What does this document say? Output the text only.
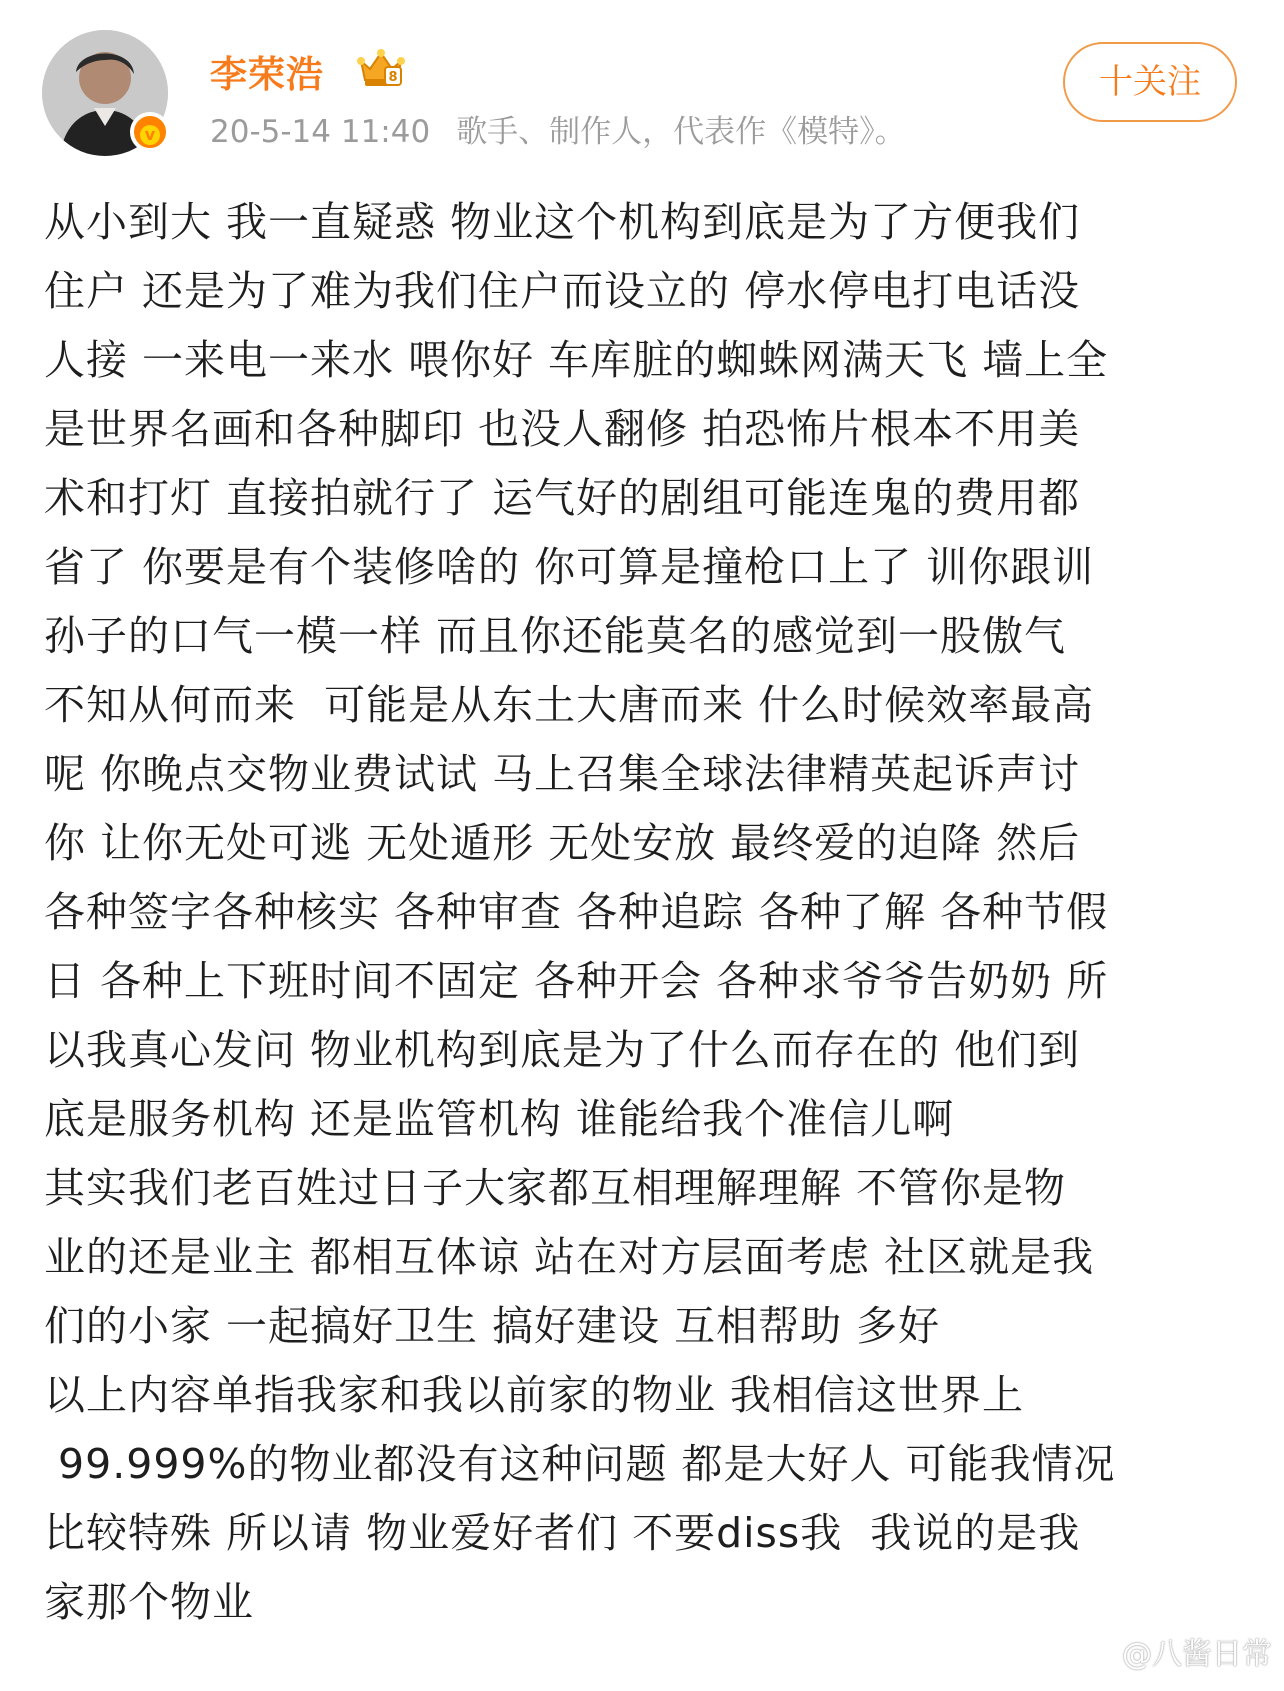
v
李荣浩	8
20-5-14 11:40 歌手、制作人，代表作《模特》。
十关注
从小到大 我一直疑惑 物业这个机构到底是为了方便我们
住户 还是为了难为我们住户而设立的 停水停电打电话没
人接 一来电一来水 喂你好 车库脏的蜘蛛网满天飞 墙上全
是世界名画和各种脚印 也没人翻修 拍恐怖片根本不用美
术和打灯 直接拍就行了 运气好的剧组可能连鬼的费用都
省了 你要是有个装修啥的 你可算是撞枪口上了 训你跟训
孙子的口气一模一样 而且你还能莫名的感觉到一股傲气
不知从何而来  可能是从东土大唐而来 什么时候效率最高
呢 你晚点交物业费试试 马上召集全球法律精英起诉声讨
你 让你无处可逃 无处遁形 无处安放 最终爱的迫降 然后
各种签字各种核实 各种审查 各种追踪 各种了解 各种节假
日 各种上下班时间不固定 各种开会 各种求爷爷告奶奶 所
以我真心发问 物业机构到底是为了什么而存在的 他们到
底是服务机构 还是监管机构 谁能给我个准信儿啊
其实我们老百姓过日子大家都互相理解理解 不管你是物
业的还是业主 都相互体谅 站在对方层面考虑 社区就是我
们的小家 一起搞好卫生 搞好建设 互相帮助 多好
以上内容单指我家和我以前家的物业 我相信这世界上
99.999%的物业都没有这种问题 都是大好人 可能我情况
比较特殊 所以请 物业爱好者们 不要diss我  我说的是我
家那个物业
@八酱日常
